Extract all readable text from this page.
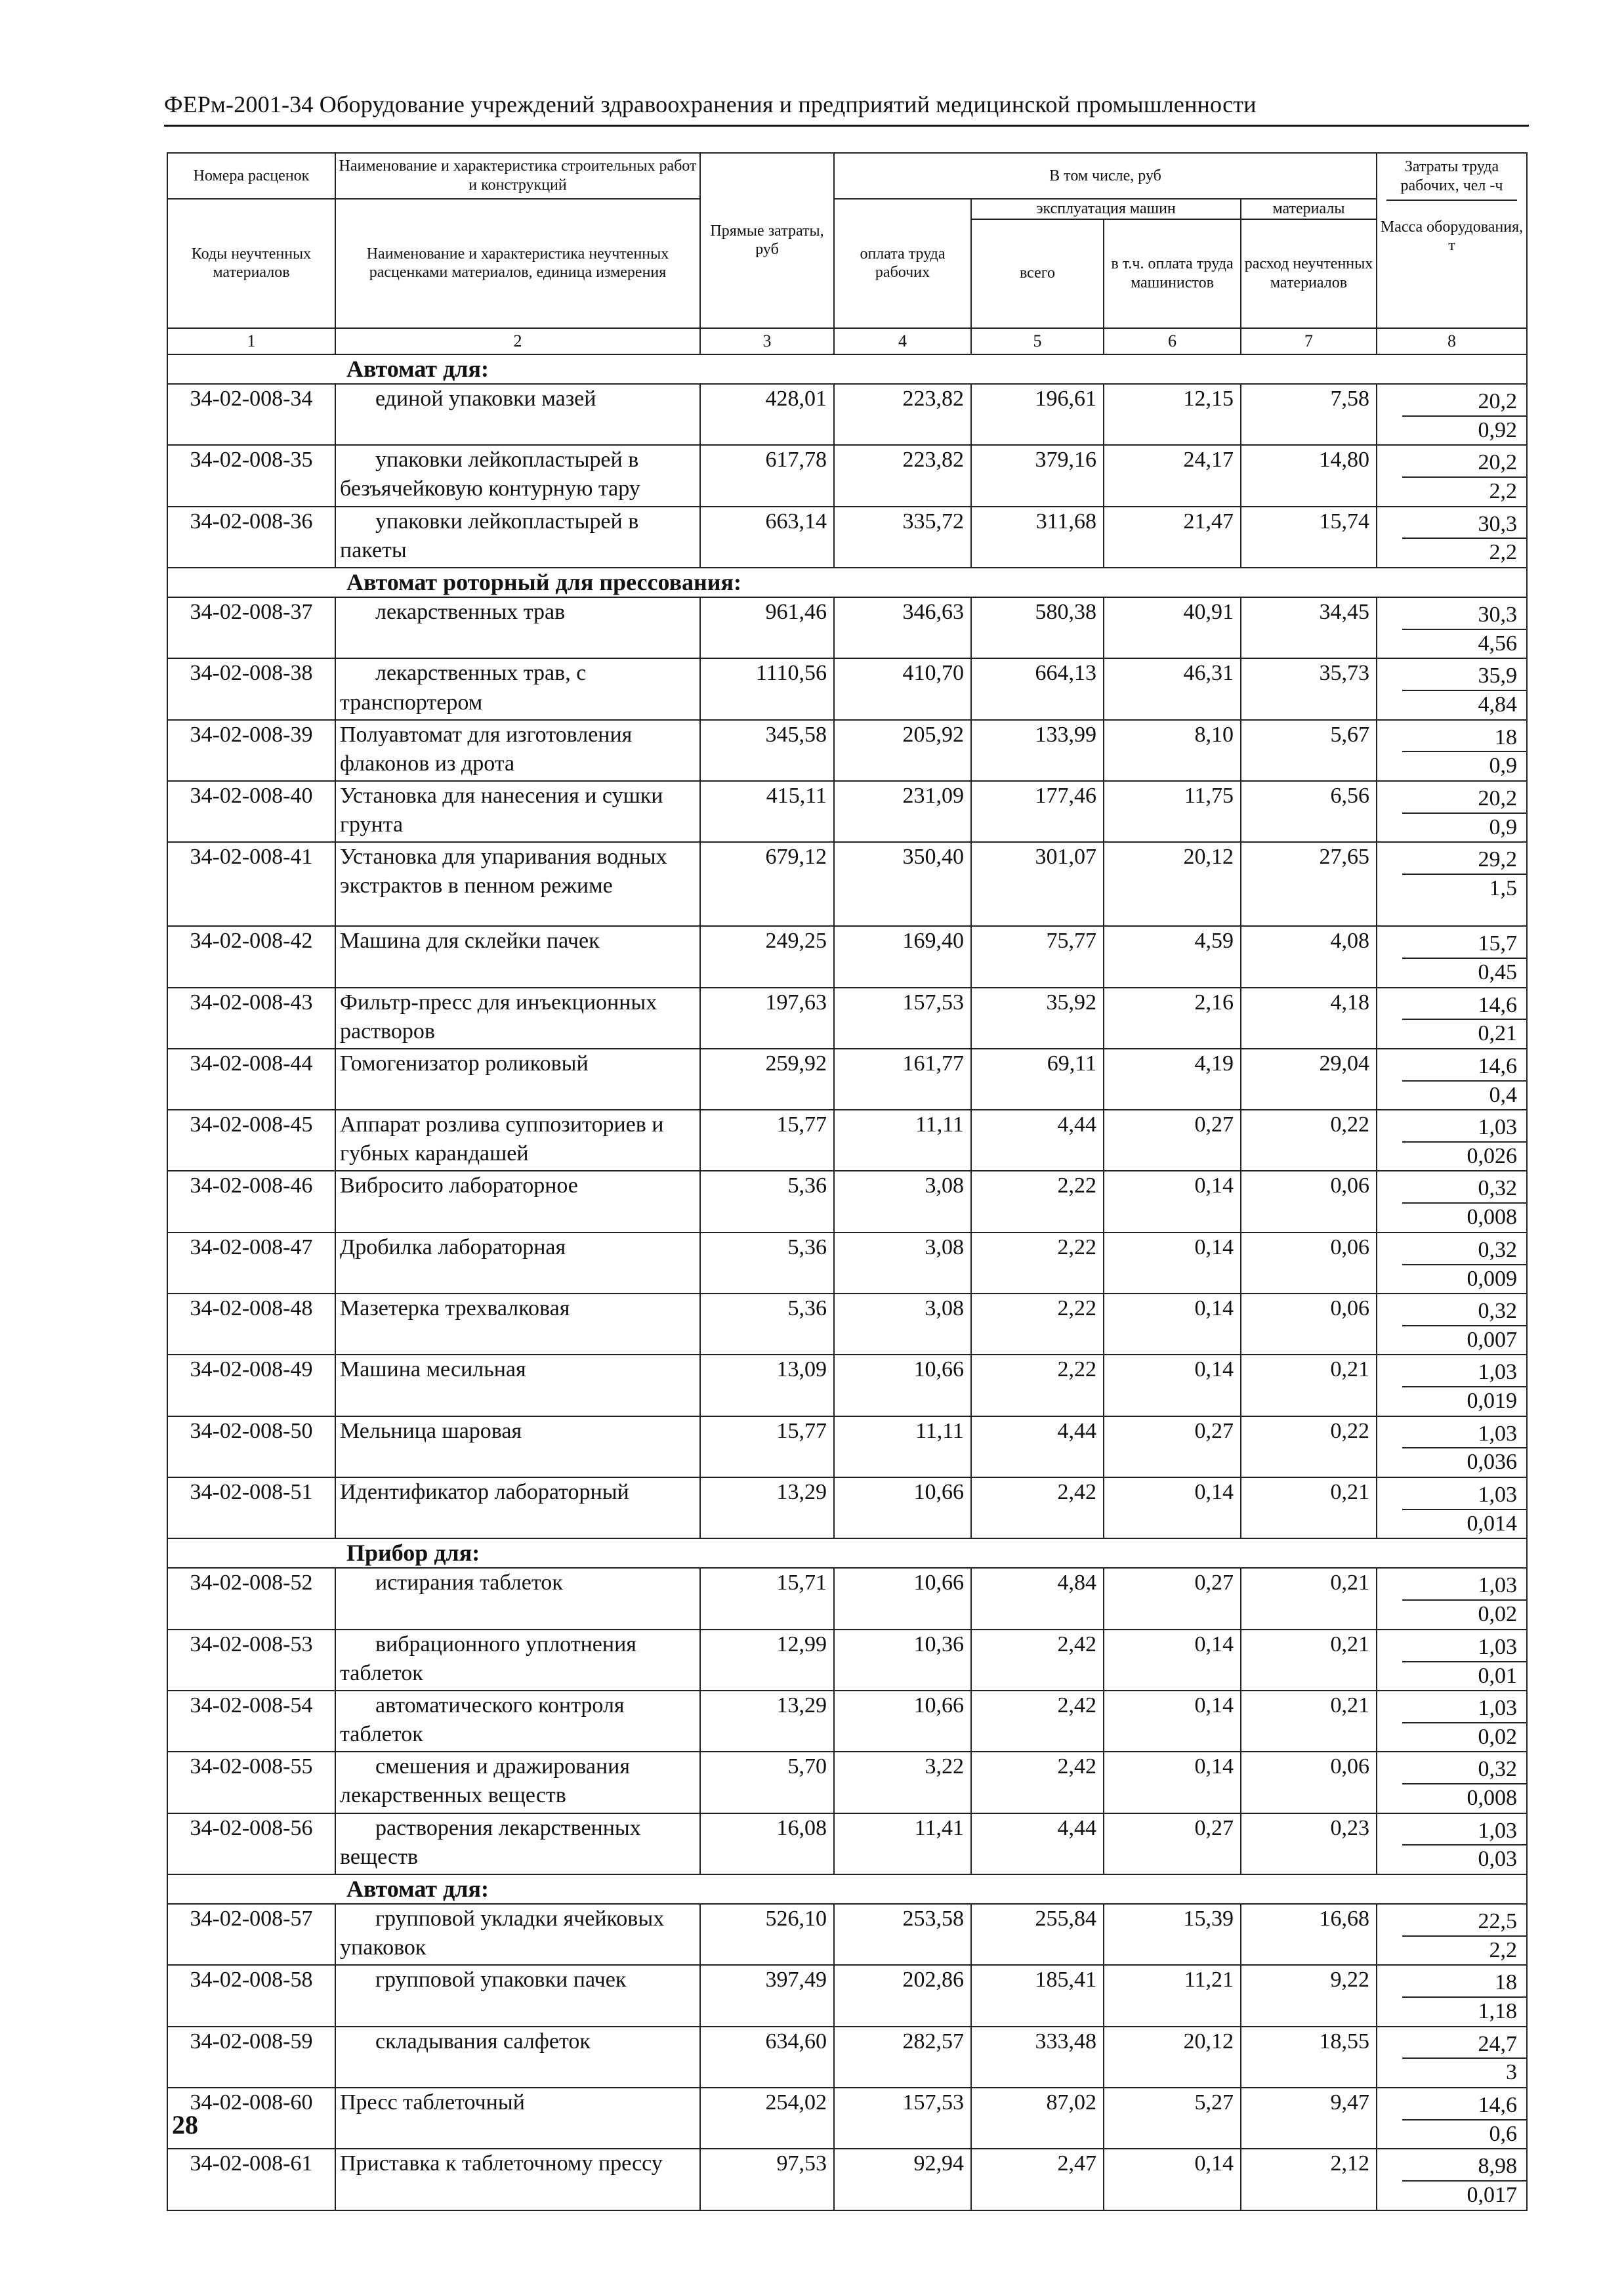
ФЕРм-2001-34 Оборудование учреждений здравоохранения и предприятий медицинской промышленности
Номера расценок	Наименование и характеристика строительных работ и конструкций	Прямые затраты, руб	В том числе, руб				Затраты труда рабочих, чел -ч
Масса оборудования, т

Коды неучтенных материалов	Наименование и характеристика неучтенных расценками материалов, единица измерения		оплата труда рабочих	эксплуатация машин		материалы	
				всего	в т.ч. оплата труда машинистов	расход неучтенных материалов	
1	2	3	4	5	6	7	8
Автомат для:							
34-02-008-34	единой упаковки мазей	428,01	223,82	196,61	12,15	7,58	20,2
0,92

34-02-008-35	упаковки лейкопластырей в безъячейковую контурную тару	617,78	223,82	379,16	24,17	14,80	20,2
2,2

34-02-008-36	упаковки лейкопластырей в пакеты	663,14	335,72	311,68	21,47	15,74	30,3
2,2

Автомат роторный для прессования:							
34-02-008-37	лекарственных трав	961,46	346,63	580,38	40,91	34,45	30,3
4,56

34-02-008-38	лекарственных трав, с транспортером	1110,56	410,70	664,13	46,31	35,73	35,9
4,84

34-02-008-39	Полуавтомат для изготовления флаконов из дрота	345,58	205,92	133,99	8,10	5,67	18
0,9

34-02-008-40	Установка для нанесения и сушки грунта	415,11	231,09	177,46	11,75	6,56	20,2
0,9

34-02-008-41	Установка для упаривания водных экстрактов в пенном режиме	679,12	350,40	301,07	20,12	27,65	29,2
1,5

34-02-008-42	Машина для склейки пачек	249,25	169,40	75,77	4,59	4,08	15,7
0,45

34-02-008-43	Фильтр-пресс для инъекционных растворов	197,63	157,53	35,92	2,16	4,18	14,6
0,21

34-02-008-44	Гомогенизатор роликовый	259,92	161,77	69,11	4,19	29,04	14,6
0,4

34-02-008-45	Аппарат розлива суппозиториев и губных карандашей	15,77	11,11	4,44	0,27	0,22	1,03
0,026

34-02-008-46	Вибросито лабораторное	5,36	3,08	2,22	0,14	0,06	0,32
0,008

34-02-008-47	Дробилка лабораторная	5,36	3,08	2,22	0,14	0,06	0,32
0,009

34-02-008-48	Мазетерка трехвалковая	5,36	3,08	2,22	0,14	0,06	0,32
0,007

34-02-008-49	Машина месильная	13,09	10,66	2,22	0,14	0,21	1,03
0,019

34-02-008-50	Мельница шаровая	15,77	11,11	4,44	0,27	0,22	1,03
0,036

34-02-008-51	Идентификатор лабораторный	13,29	10,66	2,42	0,14	0,21	1,03
0,014

Прибор для:							
34-02-008-52	истирания таблеток	15,71	10,66	4,84	0,27	0,21	1,03
0,02

34-02-008-53	вибрационного уплотнения таблеток	12,99	10,36	2,42	0,14	0,21	1,03
0,01

34-02-008-54	автоматического контроля таблеток	13,29	10,66	2,42	0,14	0,21	1,03
0,02

34-02-008-55	смешения и дражирования лекарственных веществ	5,70	3,22	2,42	0,14	0,06	0,32
0,008

34-02-008-56	растворения лекарственных веществ	16,08	11,41	4,44	0,27	0,23	1,03
0,03

Автомат для:							
34-02-008-57	групповой укладки ячейковых упаковок	526,10	253,58	255,84	15,39	16,68	22,5
2,2

34-02-008-58	групповой упаковки пачек	397,49	202,86	185,41	11,21	9,22	18
1,18

34-02-008-59	складывания салфеток	634,60	282,57	333,48	20,12	18,55	24,7
3

34-02-008-60	Пресс таблеточный	254,02	157,53	87,02	5,27	9,47	14,6
0,6

34-02-008-61	Приставка к таблеточному прессу	97,53	92,94	2,47	0,14	2,12	8,98
0,017
28
